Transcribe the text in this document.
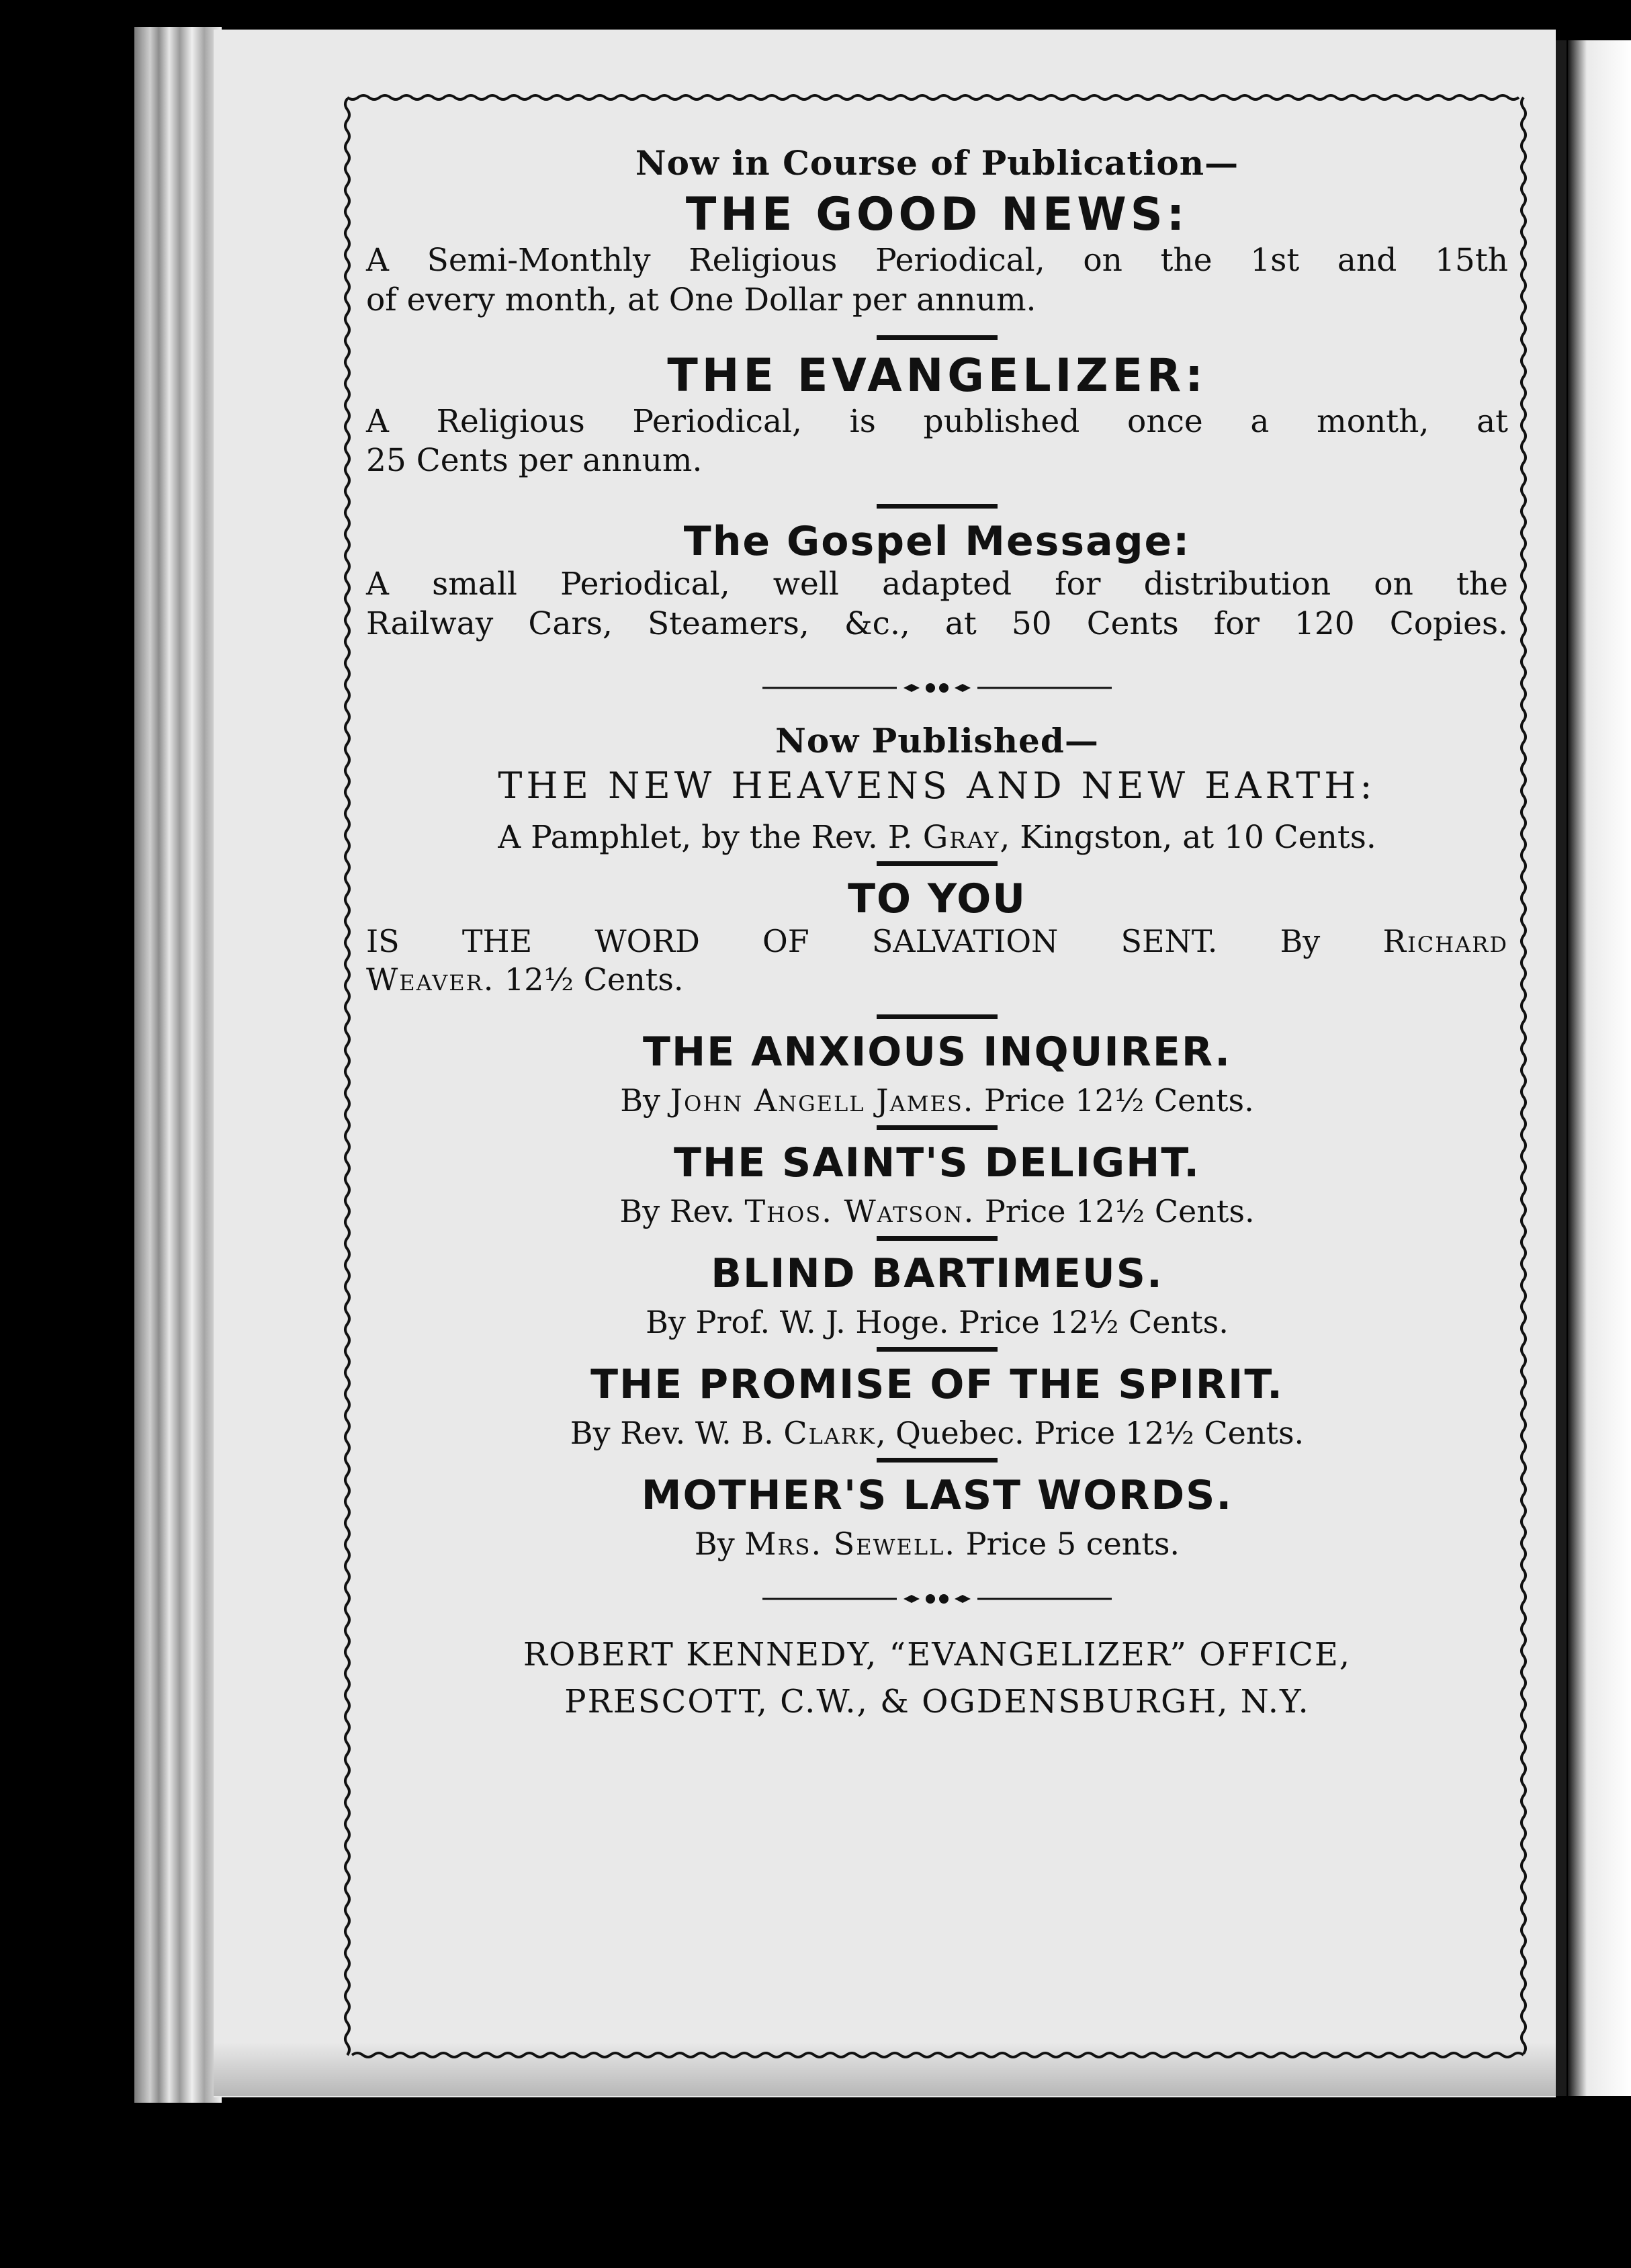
Now in Course of Publication—
THE GOOD NEWS:
A Semi-Monthly Religious Periodical, on the 1st and 15th
of every month, at One Dollar per annum.
THE EVANGELIZER:
A Religious Periodical, is published once a month, at
25 Cents per annum.
The Gospel Message:
A small Periodical, well adapted for distribution on the
Railway Cars, Steamers, &c., at 50 Cents for 120 Copies.
Now Published—
THE NEW HEAVENS AND NEW EARTH:
A Pamphlet, by the Rev. P. Gray, Kingston, at 10 Cents.
TO YOU
IS THE WORD OF SALVATION SENT. By Richard
Weaver. 12½ Cents.
THE ANXIOUS INQUIRER.
By John Angell James. Price 12½ Cents.
THE SAINT'S DELIGHT.
By Rev. Thos. Watson. Price 12½ Cents.
BLIND BARTIMEUS.
By Prof. W. J. Hoge. Price 12½ Cents.
THE PROMISE OF THE SPIRIT.
By Rev. W. B. Clark, Quebec. Price 12½ Cents.
MOTHER'S LAST WORDS.
By Mrs. Sewell. Price 5 cents.
ROBERT KENNEDY, “EVANGELIZER” OFFICE,
PRESCOTT, C.W., & OGDENSBURGH, N.Y.
